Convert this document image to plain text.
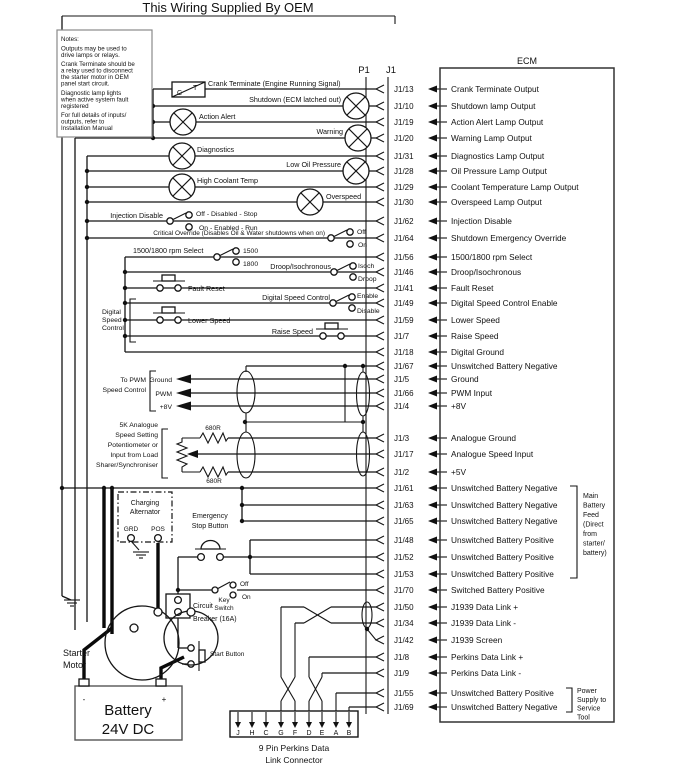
J1/13	Crank Terminate Output
J1/10	Shutdown lamp Output
J1/19	Action Alert Lamp Output
J1/20	Warning Lamp Output
J1/31	Diagnostics Lamp Output
J1/28	Oil Pressure Lamp Output
J1/29	Coolant Temperature Lamp Output
J1/30	Overspeed Lamp Output
J1/62	Injection Disable
J1/64	Shutdown Emergency Override
J1/56	1500/1800 rpm Select
J1/46	Droop/Isochronous
J1/41	Fault Reset
J1/49	Digital Speed Control Enable
J1/59	Lower Speed
J1/7	Raise Speed
J1/18	Digital Ground
J1/67	Unswitched Battery Negative
J1/5	Ground
J1/66	PWM Input
J1/4	+8V
J1/3	Analogue Ground
J1/17	Analogue Speed Input
J1/2	+5V
J1/61	Unswitched Battery Negative
J1/63	Unswitched Battery Negative
J1/65	Unswitched Battery Negative
J1/48	Unswitched Battery Positive
J1/52	Unswitched Battery Positive
J1/53	Unswitched Battery Positive
J1/70	Switched Battery Positive
J1/50	J1939 Data Link +
J1/34	J1939 Data Link -
J1/42	J1939 Screen
J1/8	Perkins Data Link +
J1/9	Perkins Data Link -
J1/55	Unswitched Battery Positive
J1/69	Unswitched Battery Negative
J H C G F D E A B
This Wiring Supplied By OEM
ECM
P1 J1
Notes: Outputs may be used to drive lamps or relays. Crank Terminate should be a relay used to disconnect the starter motor in OEM panel start circuit. Diagnostic lamp lights when active system fault registered For full details of inputs/ outputs, refer to Installation Manual
C
T
Crank Terminate (Engine Running Signal)
Shutdown (ECM latched out)
Action Alert
Warning
Diagnostics
Low Oil Pressure
High Coolant Temp
Overspeed
Injection Disable	Off - Disabled - Stop
On - Enabled - Run
Critical Override (Disables Oil & Water shutdowns when on)	Off
On
1500/1800 rpm Select	1500
1800 Droop/Isochronous	Isoch
Droop
Fault Reset
Digital Speed Control	Enable
Disable
Lower Speed
Raise Speed
Digital
Speed
Control
To PWM
Speed Control
Ground
PWM
+8V
5K Analogue
Speed Setting
Potentiometer or
Input from Load
Sharer/Synchroniser
680R
680R
Charging
Alternator
GRD POS
Emergency
Stop Button
Off
On
Key
Switch
Circuit
Breaker (16A)
Start Button
Starter
Motor
Battery
24V DC
-	+
9 Pin Perkins Data
Link Connector
Main Battery Feed (Direct from starter/ battery)
Power Supply to Service Tool
